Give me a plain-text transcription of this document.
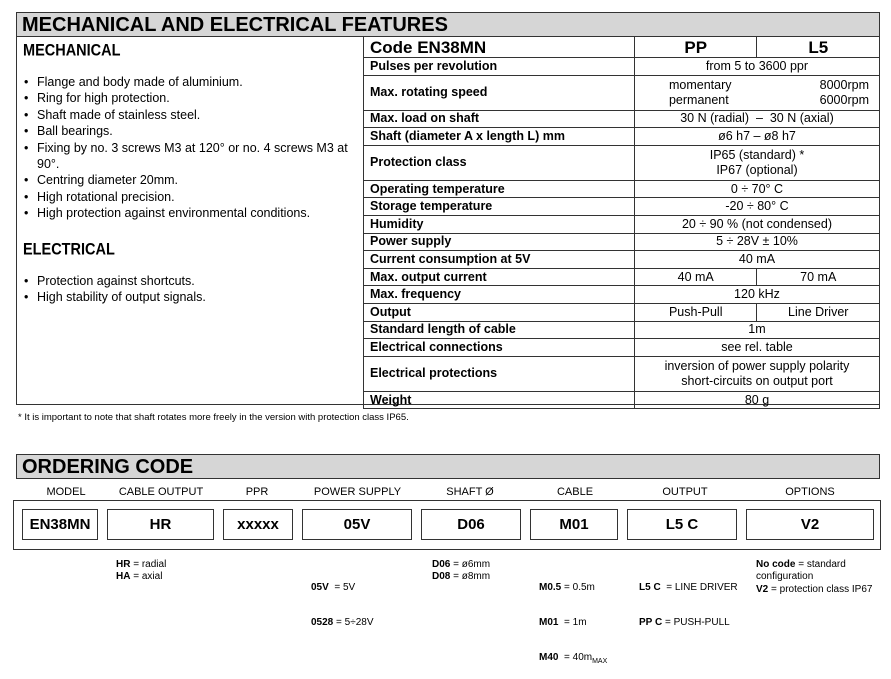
MECHANICAL AND ELECTRICAL FEATURES
MECHANICAL
• Flange and body made of aluminium.
• Ring for high protection.
• Shaft made of stainless steel.
• Ball bearings.
• Fixing by no. 3 screws M3 at 120° or no. 4 screws M3 at 90°.
• Centring diameter 20mm.
• High rotational precision.
• High protection against environmental conditions.
ELECTRICAL
• Protection against shortcuts.
• High stability of output signals.
Code EN38MN	PP	L5
Pulses per revolution	from 5 to 3600 ppr	
Max. rotating speed	momentary 8000rpm
permanent 6000rpm	

Max. load on shaft	30 N (radial)  –  30 N (axial)	
Shaft (diameter A x length L) mm	ø6 h7 – ø8 h7	
Protection class	IP65 (standard) *
IP67 (optional)	

Operating temperature	0 ÷ 70° C	
Storage temperature	-20 ÷ 80° C	
Humidity	20 ÷ 90 % (not condensed)	
Power supply	5 ÷ 28V ± 10%	
Current consumption at 5V	40 mA	
Max. output current	40 mA	70 mA
Max. frequency	120 kHz	
Output	Push-Pull	Line Driver
Standard length of cable	1m	
Electrical connections	see rel. table	
Electrical protections	inversion of power supply polarity
short-circuits on output port	

Weight	80 g	
* It is important to note that shaft rotates more freely in the version with protection class IP65.
ORDERING CODE
MODEL	CABLE OUTPUT	PPR	POWER SUPPLY	SHAFT Ø	CABLE	OUTPUT	OPTIONS
EN38MN	HR	xxxxx	05V	D06	M01	L5 C	V2
HR = radial
HA = axial

05V  = 5V

0528 = 5÷28V

D06 = ø6mm
D08 = ø8mm

M0.5 = 0.5m

M01  = 1m

$M40 = 40m_{MAX}$

L5 C  = LINE DRIVER

PP C = PUSH-PULL

No code = standard
configuration
V2 = protection class IP67
